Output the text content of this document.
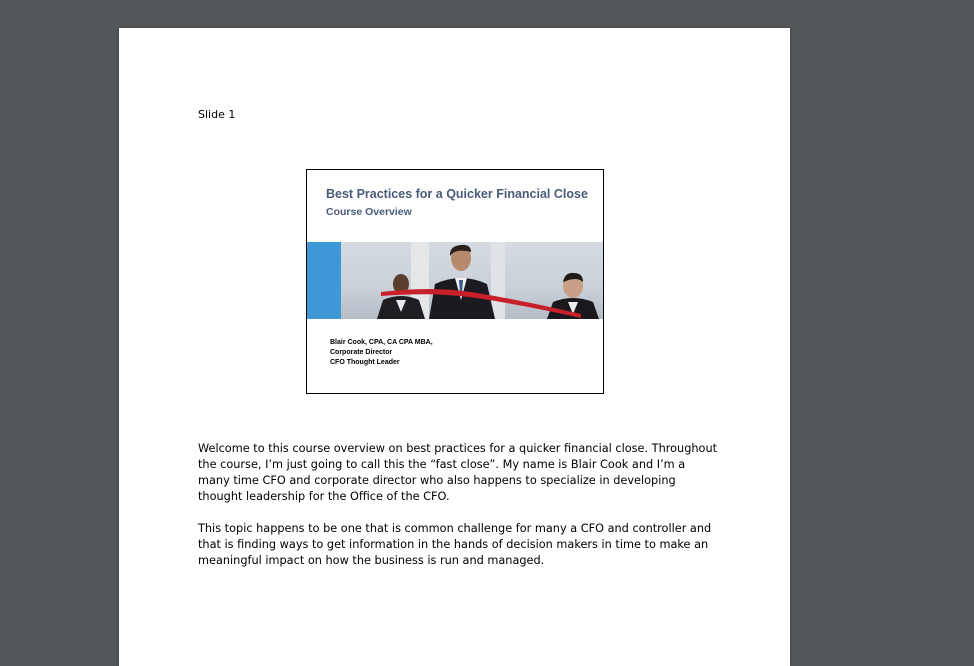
Slide 1
Best Practices for a Quicker Financial Close
Course Overview
Blair Cook, CPA, CA CPA MBA,
Corporate Director
CFO Thought Leader

Welcome to this course overview on best practices for a quicker financial close. Throughout the course, I’m just going to call this the “fast close”. My name is Blair Cook and I’m a many time CFO and corporate director who also happens to specialize in developing thought leadership for the Office of the CFO.

This topic happens to be one that is common challenge for many a CFO and controller and that is finding ways to get information in the hands of decision makers in time to make an meaningful impact on how the business is run and managed.
